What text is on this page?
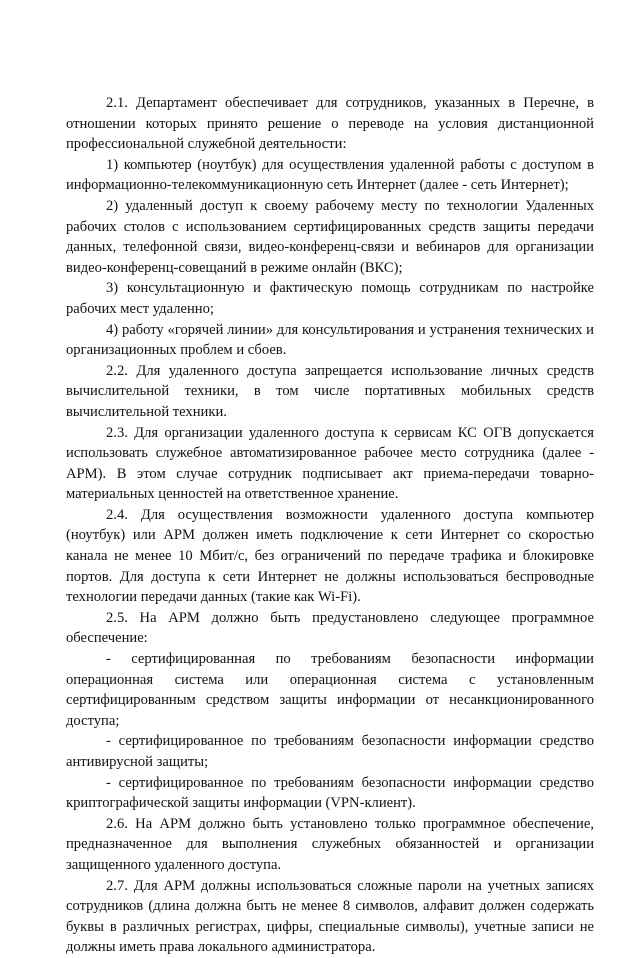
2.1. Департамент обеспечивает для сотрудников, указанных в Перечне, в отношении которых принято решение о переводе на условия дистанционной профессиональной служебной деятельности:

1) компьютер (ноутбук) для осуществления удаленной работы с доступом в информационно-телекоммуникационную сеть Интернет (далее - сеть Интернет);

2) удаленный доступ к своему рабочему месту по технологии Удаленных рабочих столов с использованием сертифицированных средств защиты передачи данных, телефонной связи, видео-конференц-связи и вебинаров для организации видео-конференц-совещаний в режиме онлайн (ВКС);

3) консультационную и фактическую помощь сотрудникам по настройке рабочих мест удаленно;

4) работу «горячей линии» для консультирования и устранения технических и организационных проблем и сбоев.

2.2. Для удаленного доступа запрещается использование личных средств вычислительной техники, в том числе портативных мобильных средств вычислительной техники.

2.3. Для организации удаленного доступа к сервисам КС ОГВ допускается использовать служебное автоматизированное рабочее место сотрудника (далее - АРМ). В этом случае сотрудник подписывает акт приема-передачи товарно-материальных ценностей на ответственное хранение.

2.4. Для осуществления возможности удаленного доступа компьютер (ноутбук) или АРМ должен иметь подключение к сети Интернет со скоростью канала не менее 10 Мбит/с, без ограничений по передаче трафика и блокировке портов. Для доступа к сети Интернет не должны использоваться беспроводные технологии передачи данных (такие как Wi-Fi).

2.5. На АРМ должно быть предустановлено следующее программное обеспечение:

- сертифицированная по требованиям безопасности информации операционная система или операционная система с установленным сертифицированным средством защиты информации от несанкционированного доступа;

- сертифицированное по требованиям безопасности информации средство антивирусной защиты;

- сертифицированное по требованиям безопасности информации средство криптографической защиты информации (VPN-клиент).

2.6. На АРМ должно быть установлено только программное обеспечение, предназначенное для выполнения служебных обязанностей и организации защищенного удаленного доступа.

2.7. Для АРМ должны использоваться сложные пароли на учетных записях сотрудников (длина должна быть не менее 8 символов, алфавит должен содержать буквы в различных регистрах, цифры, специальные символы), учетные записи не должны иметь права локального администратора.
